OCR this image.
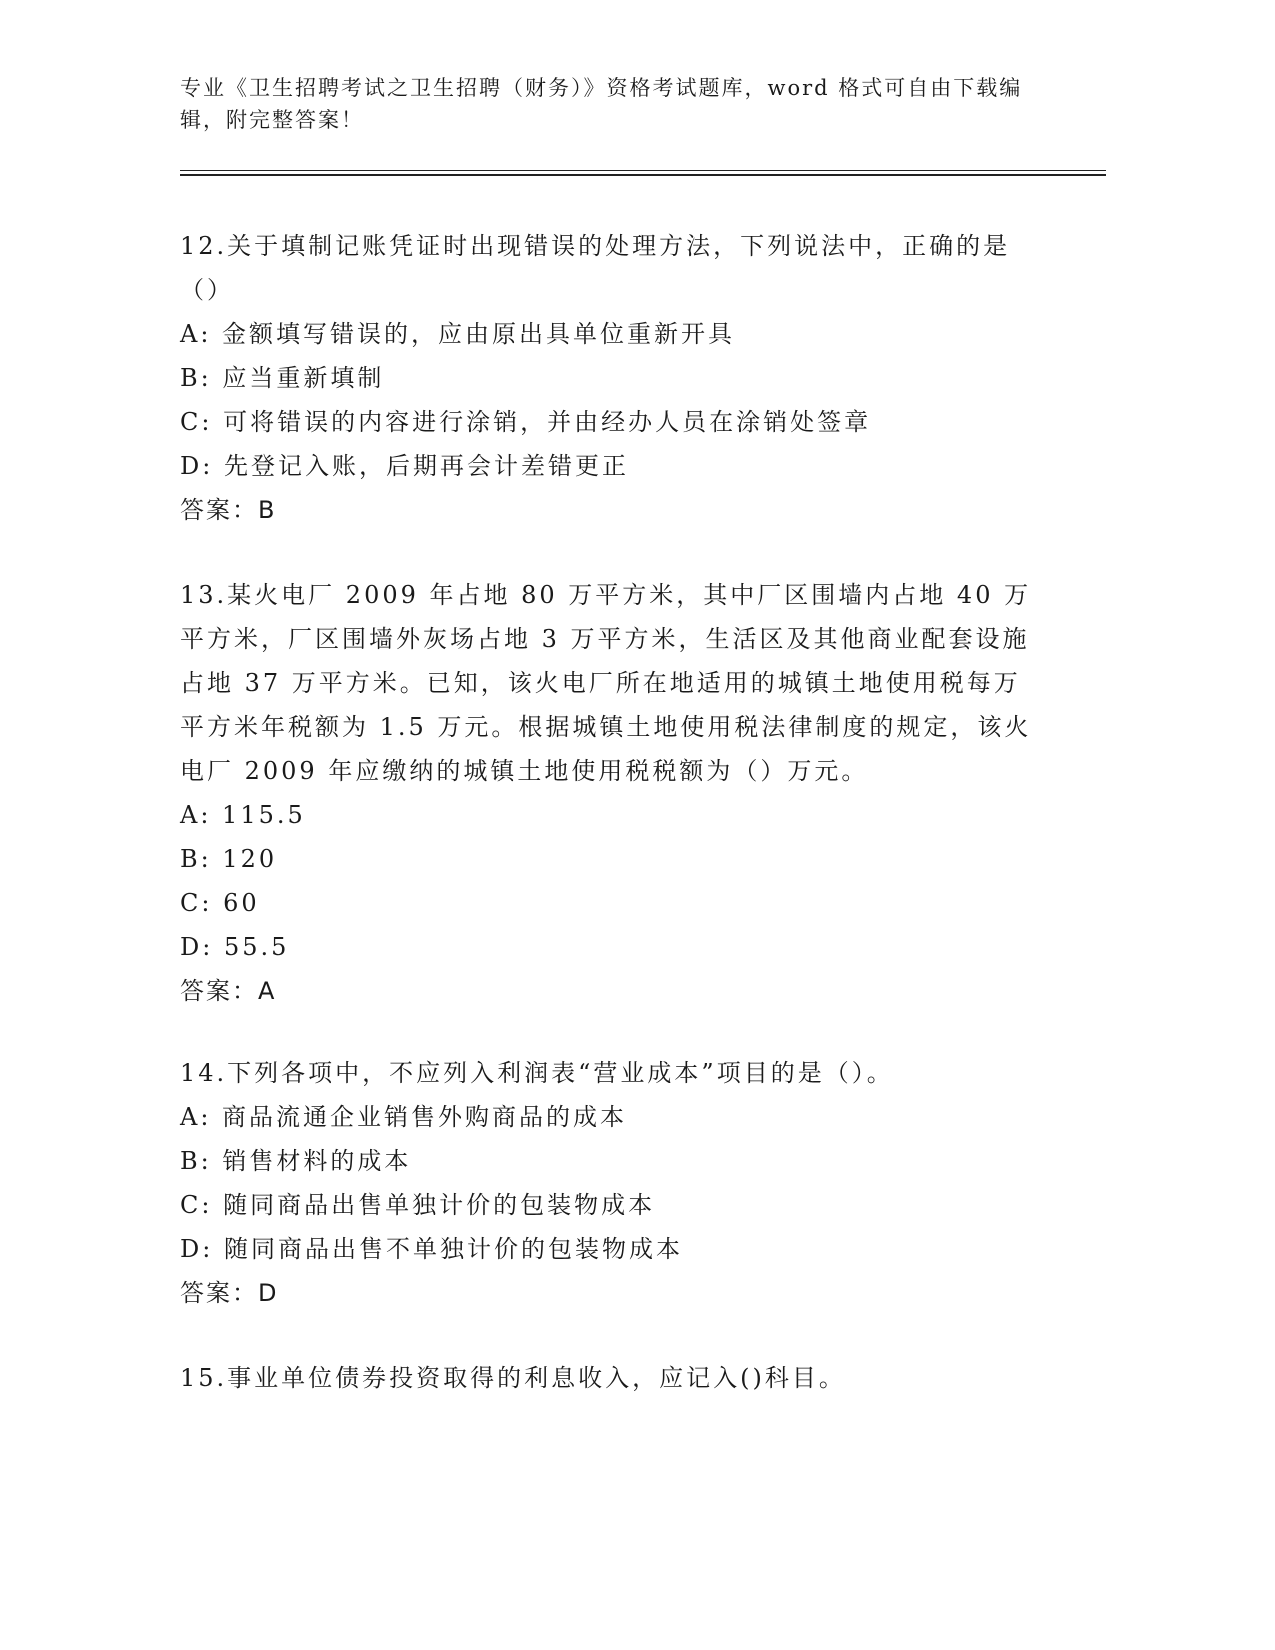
专业《卫生招聘考试之卫生招聘（财务）》资格考试题库，word 格式可自由下载编辑，附完整答案！

12.关于填制记账凭证时出现错误的处理方法，下列说法中，正确的是（）

A: 金额填写错误的，应由原出具单位重新开具

B: 应当重新填制

C: 可将错误的内容进行涂销，并由经办人员在涂销处签章

D: 先登记入账，后期再会计差错更正

答案：B

13.某火电厂 2009 年占地 80 万平方米，其中厂区围墙内占地 40 万平方米，厂区围墙外灰场占地 3 万平方米，生活区及其他商业配套设施占地 37 万平方米。已知，该火电厂所在地适用的城镇土地使用税每万平方米年税额为 1.5 万元。根据城镇土地使用税法律制度的规定，该火电厂 2009 年应缴纳的城镇土地使用税税额为（）万元。

A: 115.5

B: 120

C: 60

D: 55.5

答案：A

14.下列各项中，不应列入利润表“营业成本”项目的是（）。

A: 商品流通企业销售外购商品的成本

B: 销售材料的成本

C: 随同商品出售单独计价的包装物成本

D: 随同商品出售不单独计价的包装物成本

答案：D

15.事业单位债券投资取得的利息收入，应记入()科目。
